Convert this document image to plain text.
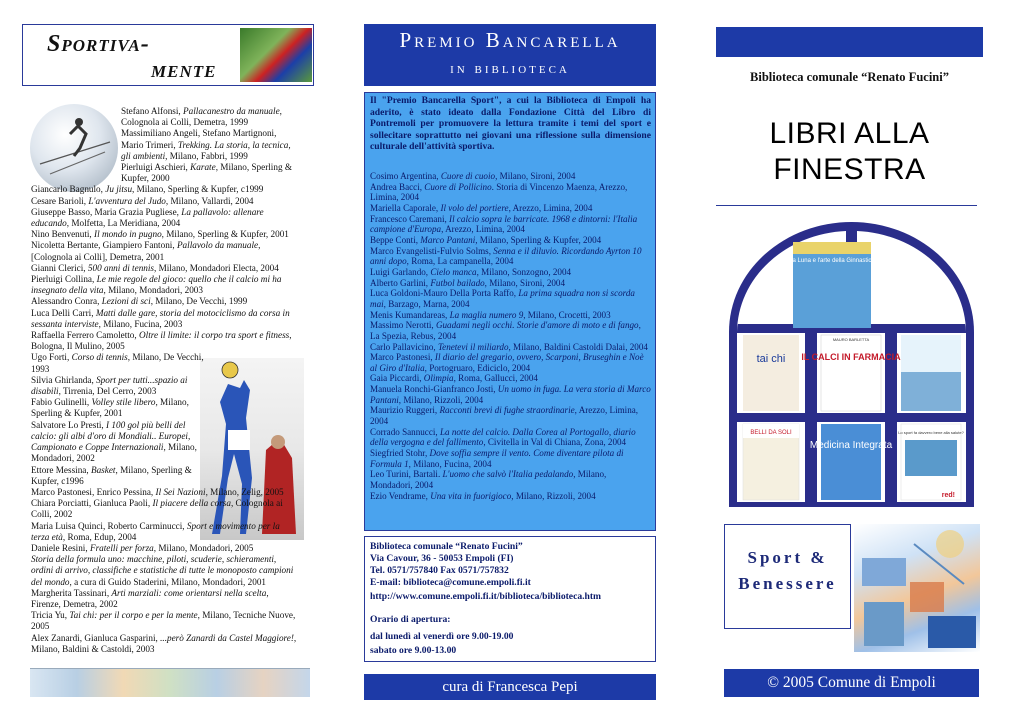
Sportiva-
mente
Stefano Alfonsi, Pallacanestro da manuale, Colognola ai Colli, Demetra, 1999
Massimiliano Angeli, Stefano Martignoni, Mario Trimeri, Trekking. La storia, la tecnica, gli ambienti, Milano, Fabbri, 1999
Pierluigi Aschieri, Karate, Milano, Sperling & Kupfer, 2000
Giancarlo Bagnulo, Ju jitsu, Milano, Sperling & Kupfer, c1999
Cesare Barioli, L'avventura del Judo, Milano, Vallardi, 2004
Giuseppe Basso, Maria Grazia Pugliese, La pallavolo: allenare educando, Molfetta, La Meridiana, 2004
Nino Benvenuti, Il mondo in pugno, Milano, Sperling & Kupfer, 2001
Nicoletta Bertante, Giampiero Fantoni, Pallavolo da manuale, [Colognola ai Colli], Demetra, 2001
Gianni Clerici, 500 anni di tennis, Milano, Mondadori Electa, 2004
Pierluigi Collina, Le mie regole del gioco: quello che il calcio mi ha insegnato della vita, Milano, Mondadori, 2003
Alessandro Conra, Lezioni di sci, Milano, De Vecchi, 1999
Luca Delli Carri, Matti dalle gare, storia del motociclismo da corsa in sessanta interviste, Milano, Fucina, 2003
Raffaella Ferrero Camoletto, Oltre il limite: il corpo tra sport e fitness, Bologna, Il Mulino, 2005
Ugo Forti, Corso di tennis, Milano, De Vecchi, 1993
Silvia Ghirlanda, Sport per tutti...spazio ai disabili, Tirrenia, Del Cerro, 2003
Fabio Gulinelli, Volley stile libero, Milano, Sperling & Kupfer, 2001
Salvatore Lo Presti, I 100 gol più belli del calcio: gli albi d'oro di Mondiali.. Europei, Campionato e Coppe Internazionali, Milano, Mondadori, 2002
Ettore Messina, Basket, Milano, Sperling & Kupfer, c1996
Marco Pastonesi, Enrico Pessina, Il Sei Nazioni, Milano, Zelig, 2005
Chiara Porciatti, Gianluca Paoli, Il piacere della corsa, Colognola ai Colli, 2002
Maria Luisa Quinci, Roberto Carminucci, Sport e movimento per la terza età, Roma, Edup, 2004
Daniele Resini, Fratelli per forza, Milano, Mondadori, 2005
Storia della formula uno: macchine, piloti, scuderie, schieramenti, ordini di arrivo, classifiche e statistiche di tutte le monoposto campioni del mondo, a cura di Guido Staderini, Milano, Mondadori, 2001
Margherita Tassinari, Arti marziali: come orientarsi nella scelta, Firenze, Demetra, 2002
Tricia Yu, Tai chi: per il corpo e per la mente, Milano, Tecniche Nuove, 2005
Alex Zanardi, Gianluca Gasparini, ...però Zanardi da Castel Maggiore!, Milano, Baldini & Castoldi, 2003
Premio Bancarella
in biblioteca
Il "Premio Bancarella Sport", a cui la Biblioteca di Empoli ha aderito, è stato ideato dalla Fondazione Città del Libro di Pontremoli per promuovere la lettura tramite i temi del sport e sollecitare soprattutto nei giovani una riflessione sulla dimensione culturale dell'attività sportiva.
Cosimo Argentina, Cuore di cuoio, Milano, Sironi, 2004
Andrea Bacci, Cuore di Pollicino. Storia di Vincenzo Maenza, Arezzo, Limina, 2004
Mariella Caporale, Il volo del portiere, Arezzo, Limina, 2004
Francesco Caremani, Il calcio sopra le barricate. 1968 e dintorni: l'Italia campione d'Europa, Arezzo, Limina, 2004
Beppe Conti, Marco Pantani, Milano, Sperling & Kupfer, 2004
Marco Evangelisti-Fulvio Solms, Senna e il diluvio. Ricordando Ayrton 10 anni dopo, Roma, La campanella, 2004
Luigi Garlando, Cielo manca, Milano, Sonzogno, 2004
Alberto Garlini, Futbol bailado, Milano, Sironi, 2004
Luca Goldoni-Mauro Della Porta Raffo, La prima squadra non si scorda mai, Barzago, Marna, 2004
Menis Kumandareas, La maglia numero 9, Milano, Crocetti, 2003
Massimo Nerotti, Guadami negli occhi. Storie d'amore di moto e di fango, La Spezia, Rebus, 2004
Carlo Pallavicino, Tenetevi il miliardo, Milano, Baldini Castoldi Dalai, 2004
Marco Pastonesi, Il diario del gregario, ovvero, Scarponi, Bruseghin e Noè al Giro d'Italia, Portogruaro, Ediciclo, 2004
Gaia Piccardi, Olimpia, Roma, Gallucci, 2004
Manuela Ronchi-Gianfranco Josti, Un uomo in fuga. La vera storia di Marco Pantani, Milano, Rizzoli, 2004
Maurizio Ruggeri, Racconti brevi di fughe straordinarie, Arezzo, Limina, 2004
Corrado Sannucci, La notte del calcio. Dalla Corea al Portogallo, diario della vergogna e del fallimento, Civitella in Val di Chiana, Zona, 2004
Siegfried Stohr, Dove soffia sempre il vento. Come diventare pilota di Formula 1, Milano, Fucina, 2004
Leo Turini, Bartali. L'uomo che salvò l'Italia pedalando, Milano, Mondadori, 2004
Ezio Vendrame, Una vita in fuorigioco, Milano, Rizzoli, 2004
Biblioteca comunale “Renato Fucini”
Via Cavour, 36 - 50053 Empoli (FI)
Tel. 0571/757840 Fax 0571/757832
E-mail: biblioteca@comune.empoli.fi.it
http://www.comune.empoli.fi.it/biblioteca/biblioteca.htm
Orario di apertura:
dal lunedì al venerdì ore 9.00-19.00
sabato ore 9.00-13.00
cura di Francesca Pepi
Biblioteca comunale “Renato Fucini”
LIBRI ALLA
FINESTRA
La Luna e l'arte della Ginnastica
tai chi
MAURO BARLETTA
IL CALCI IN FARMACIA
BELLI DA SOLI
Medicina Integrata
Lo sport fa davvero bene alla salute?
red!
Sport &
Benessere
© 2005 Comune di Empoli
